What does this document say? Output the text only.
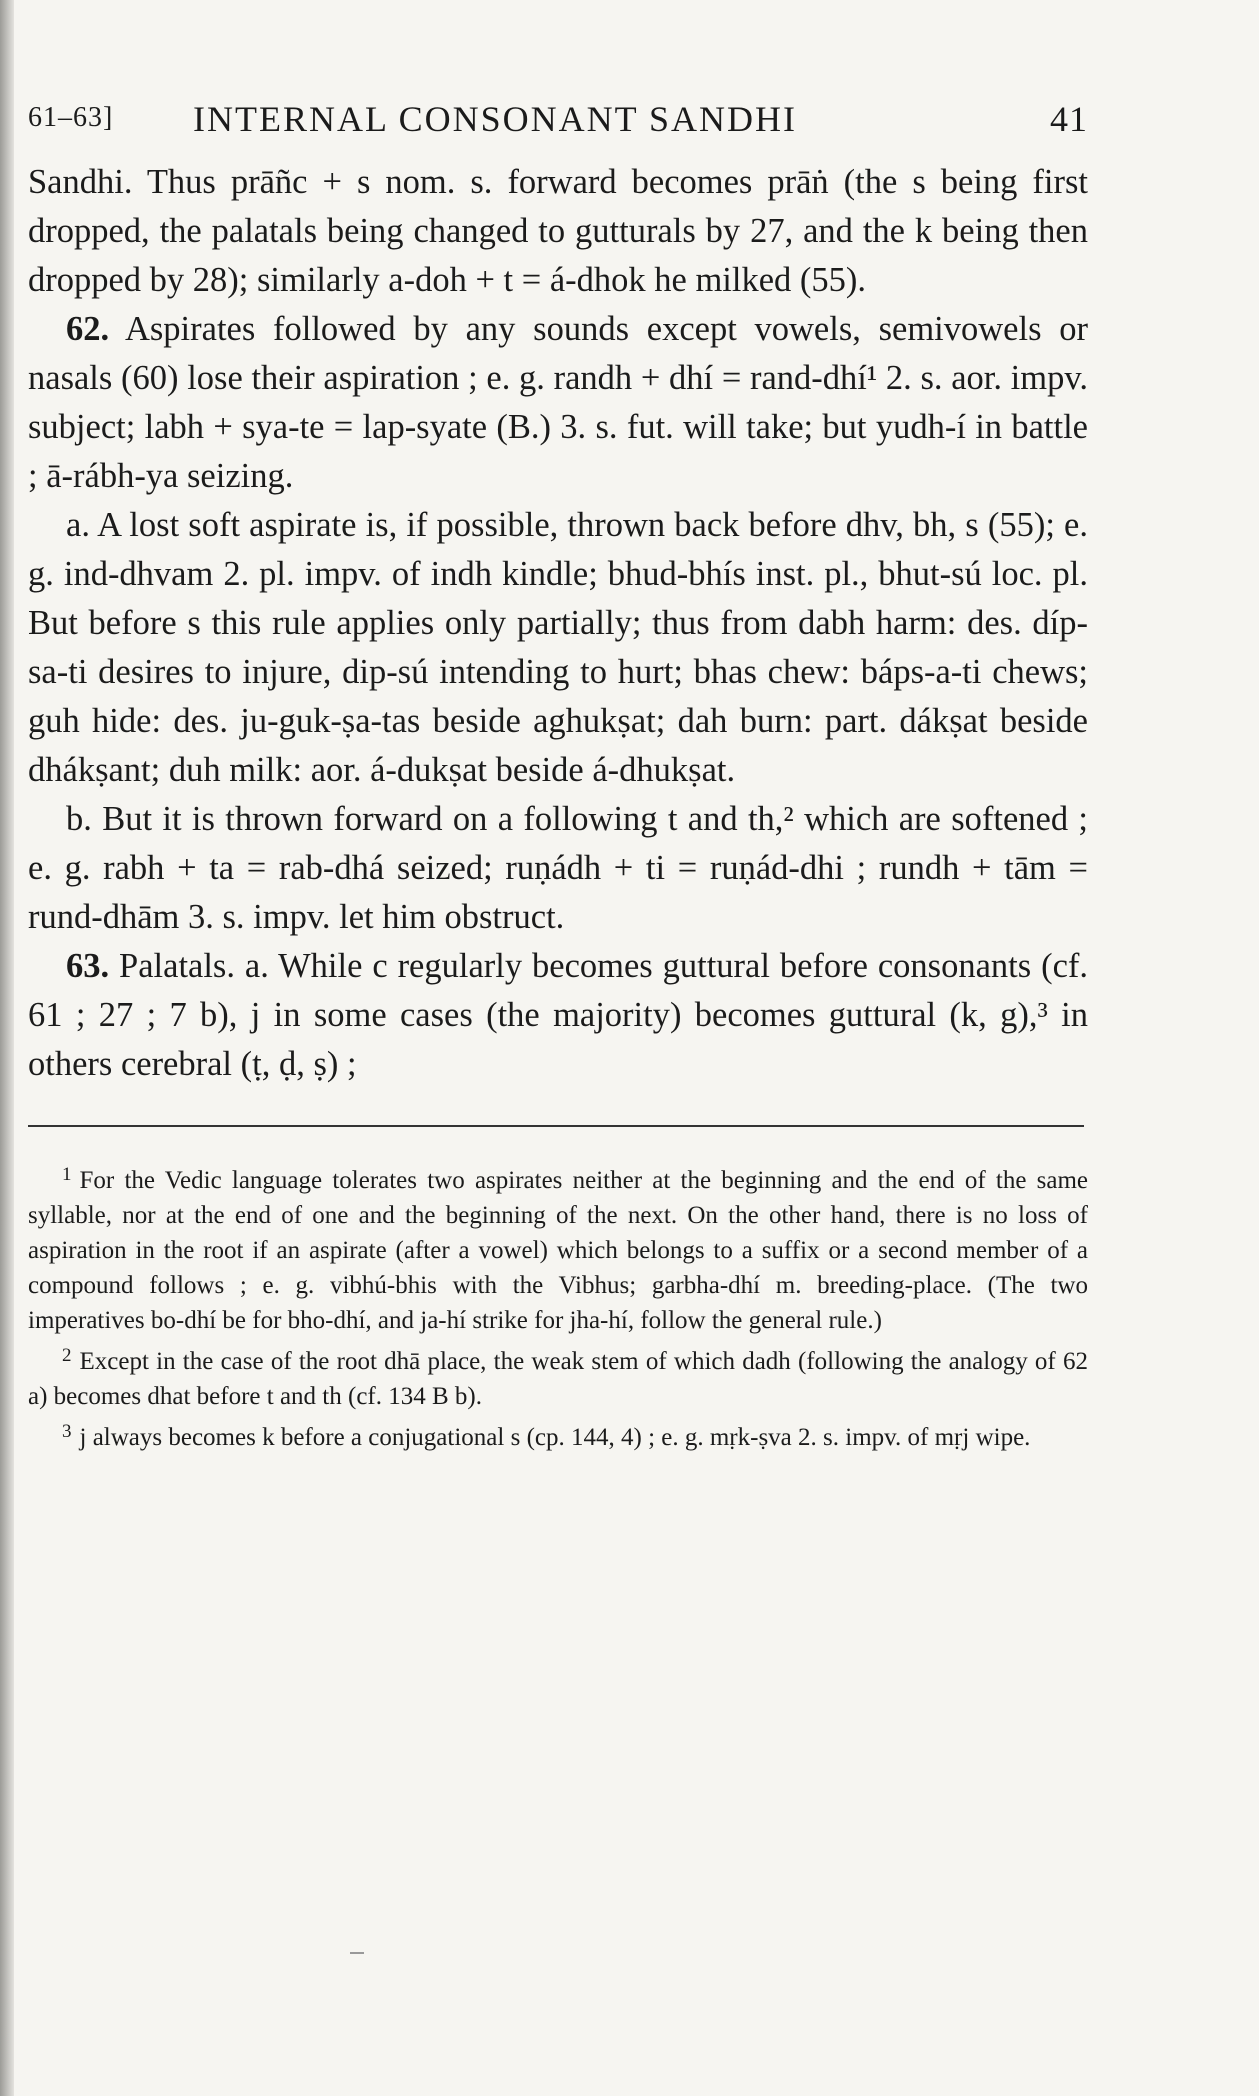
61–63] INTERNAL CONSONANT SANDHI	41

Sandhi. Thus prāñc + s nom. s. forward becomes prāṅ (the s being first dropped, the palatals being changed to gutturals by 27, and the k being then dropped by 28); similarly a-doh + t = á-dhok he milked (55).

62. Aspirates followed by any sounds except vowels, semivowels or nasals (60) lose their aspiration ; e. g. randh + dhí = rand-dhí¹ 2. s. aor. impv. subject; labh + sya-te = lap-syate (B.) 3. s. fut. will take; but yudh-í in battle ; ā-rábh-ya seizing.

a. A lost soft aspirate is, if possible, thrown back before dhv, bh, s (55); e. g. ind-dhvam 2. pl. impv. of indh kindle; bhud-bhís inst. pl., bhut-sú loc. pl. But before s this rule applies only partially; thus from dabh harm: des. díp-sa-ti desires to injure, dip-sú intending to hurt; bhas chew: báps-a-ti chews; guh hide: des. ju-guk-ṣa-tas beside aghukṣat; dah burn: part. dákṣat beside dhákṣant; duh milk: aor. á-dukṣat beside á-dhukṣat.

b. But it is thrown forward on a following t and th,² which are softened ; e. g. rabh + ta = rab-dhá seized; ruṇádh + ti = ruṇád-dhi ; rundh + tām = rund-dhām 3. s. impv. let him obstruct.

63. Palatals. a. While c regularly becomes guttural before consonants (cf. 61 ; 27 ; 7 b), j in some cases (the majority) becomes guttural (k, g),³ in others cerebral (ṭ, ḍ, ṣ) ;

$^1$ For the Vedic language tolerates two aspirates neither at the beginning and the end of the same syllable, nor at the end of one and the beginning of the next. On the other hand, there is no loss of aspiration in the root if an aspirate (after a vowel) which belongs to a suffix or a second member of a compound follows ; e. g. vibhú-bhis with the Vibhus; garbha-dhí m. breeding-place. (The two imperatives bo-dhí be for bho-dhí, and ja-hí strike for jha-hí, follow the general rule.)

$^2$ Except in the case of the root dhā place, the weak stem of which dadh (following the analogy of 62 a) becomes dhat before t and th (cf. 134 B b).

$^3$ j always becomes k before a conjugational s (cp. 144, 4) ; e. g. mṛk-ṣva 2. s. impv. of mṛj wipe.
